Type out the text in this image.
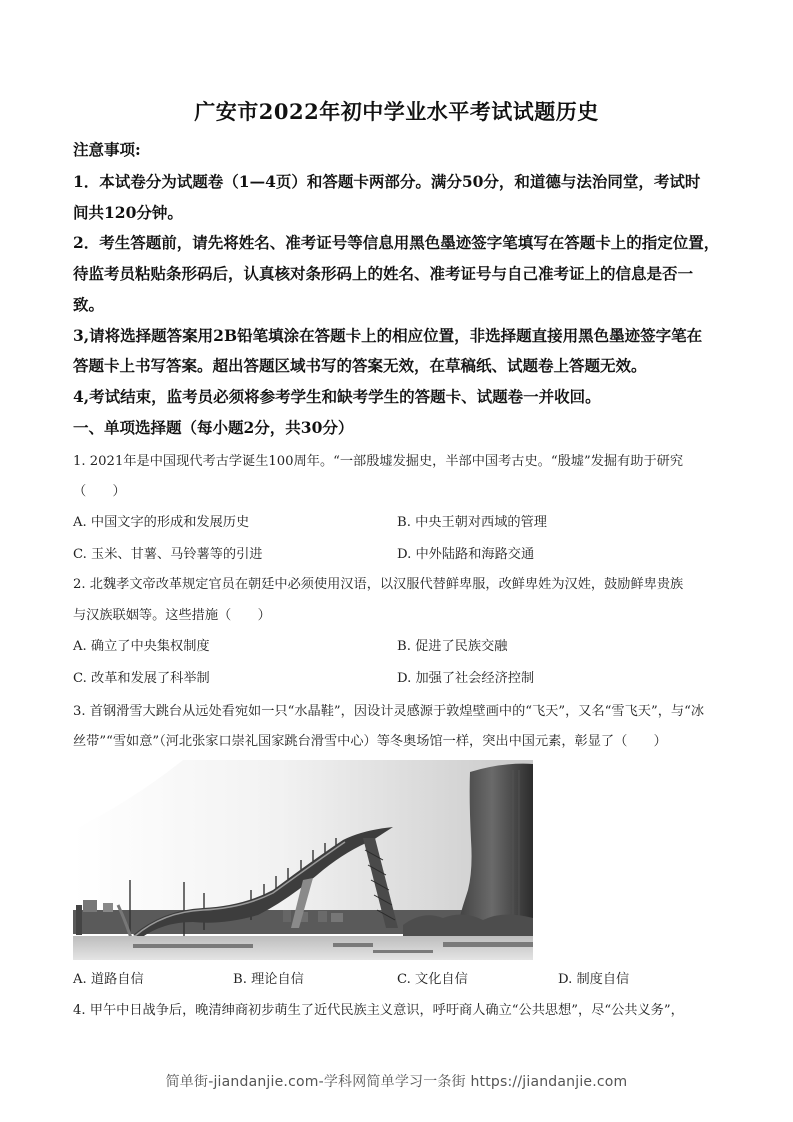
广安市2022年初中学业水平考试试题历史
注意事项:
1．本试卷分为试题卷（1—4页）和答题卡两部分。满分50分，和道德与法治同堂，考试时
间共120分钟。
2．考生答题前，请先将姓名、准考证号等信息用黑色墨迹签字笔填写在答题卡上的指定位置，
待监考员粘贴条形码后，认真核对条形码上的姓名、准考证号与自己准考证上的信息是否一
致。
3,请将选择题答案用2B铅笔填涂在答题卡上的相应位置，非选择题直接用黑色墨迹签字笔在
答题卡上书写答案。超出答题区域书写的答案无效，在草稿纸、试题卷上答题无效。
4,考试结束，监考员必须将参考学生和缺考学生的答题卡、试题卷一并收回。
一、单项选择题（每小题2分，共30分）
1. 2021年是中国现代考古学诞生100周年。“一部殷墟发掘史，半部中国考古史。“殷墟”发掘有助于研究
（　　）
A. 中国文字的形成和发展历史	B. 中央王朝对西域的管理
C. 玉米、甘薯、马铃薯等的引进	D. 中外陆路和海路交通
2. 北魏孝文帝改革规定官员在朝廷中必须使用汉语，以汉服代替鲜卑服，改鲜卑姓为汉姓，鼓励鲜卑贵族
与汉族联姻等。这些措施（　　）
A. 确立了中央集权制度	B. 促进了民族交融
C. 改革和发展了科举制	D. 加强了社会经济控制
3. 首钢滑雪大跳台从远处看宛如一只“水晶鞋”，因设计灵感源于敦煌壁画中的“飞天”，又名“雪飞天”，与“冰
丝带”“雪如意”（河北张家口崇礼国家跳台滑雪中心）等冬奥场馆一样，突出中国元素，彰显了（　　）
A. 道路自信	B. 理论自信	C. 文化自信	D. 制度自信
4. 甲午中日战争后，晚清绅商初步萌生了近代民族主义意识，呼吁商人确立“公共思想”，尽“公共义务”，
简单街-jiandanjie.com-学科网简单学习一条街 https://jiandanjie.com
